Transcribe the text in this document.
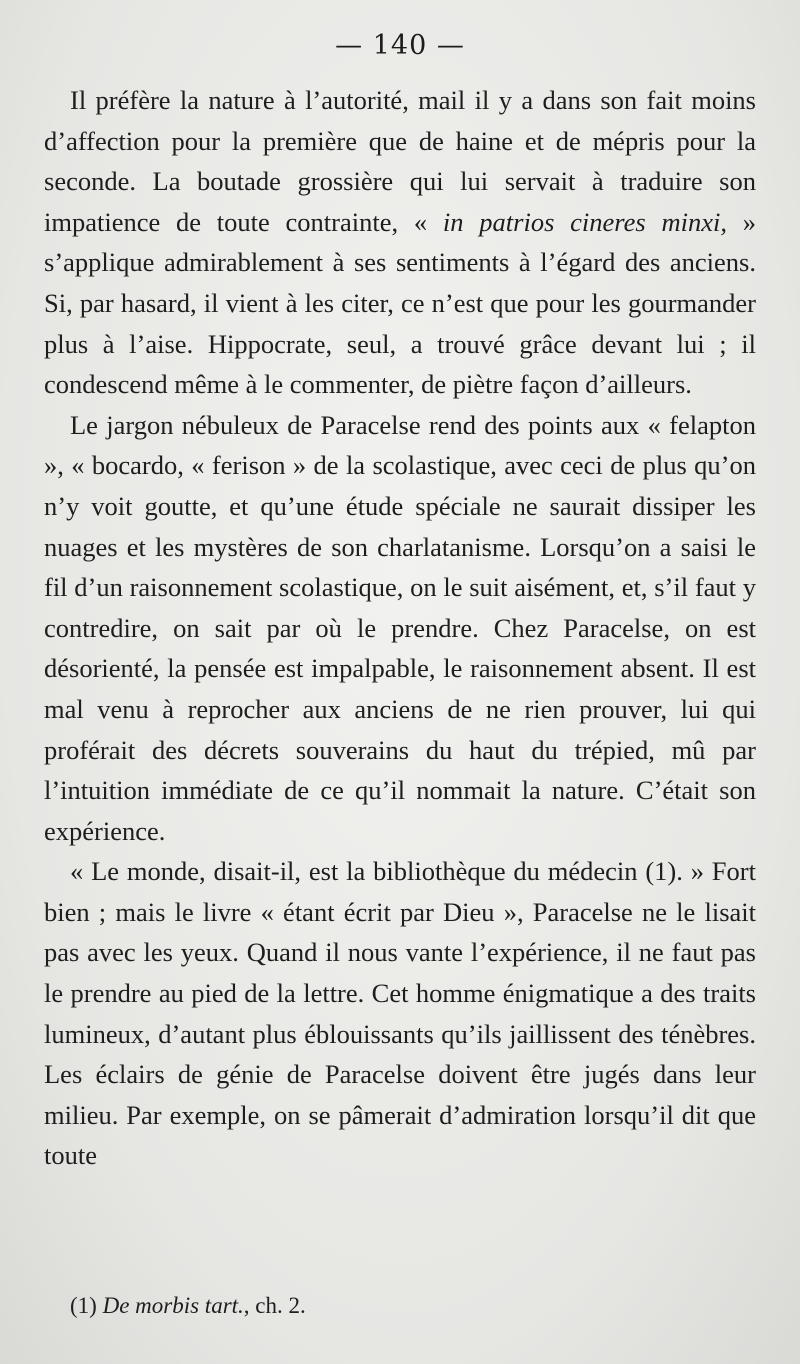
— 140 —

Il préfère la nature à l’autorité, mail il y a dans son fait moins d’affection pour la première que de haine et de mépris pour la seconde. La boutade grossière qui lui servait à traduire son impatience de toute contrainte, « in patrios cineres minxi, » s’applique admirablement à ses sentiments à l’égard des anciens. Si, par hasard, il vient à les citer, ce n’est que pour les gourmander plus à l’aise. Hippocrate, seul, a trouvé grâce devant lui ; il condescend même à le commenter, de piètre façon d’ailleurs.

Le jargon nébuleux de Paracelse rend des points aux « felapton », « bocardo, « ferison » de la scolastique, avec ceci de plus qu’on n’y voit goutte, et qu’une étude spéciale ne saurait dissiper les nuages et les mystères de son charlatanisme. Lorsqu’on a saisi le fil d’un raisonnement scolastique, on le suit aisément, et, s’il faut y contredire, on sait par où le prendre. Chez Paracelse, on est désorienté, la pensée est impalpable, le raisonnement absent. Il est mal venu à reprocher aux anciens de ne rien prouver, lui qui proférait des décrets souverains du haut du trépied, mû par l’intuition immédiate de ce qu’il nommait la nature. C’était son expérience.

« Le monde, disait-il, est la bibliothèque du médecin (1). » Fort bien ; mais le livre « étant écrit par Dieu », Paracelse ne le lisait pas avec les yeux. Quand il nous vante l’expérience, il ne faut pas le prendre au pied de la lettre. Cet homme énigmatique a des traits lumineux, d’autant plus éblouissants qu’ils jaillissent des ténèbres. Les éclairs de génie de Paracelse doivent être jugés dans leur milieu. Par exemple, on se pâmerait d’admiration lorsqu’il dit que toute

(1) De morbis tart., ch. 2.
